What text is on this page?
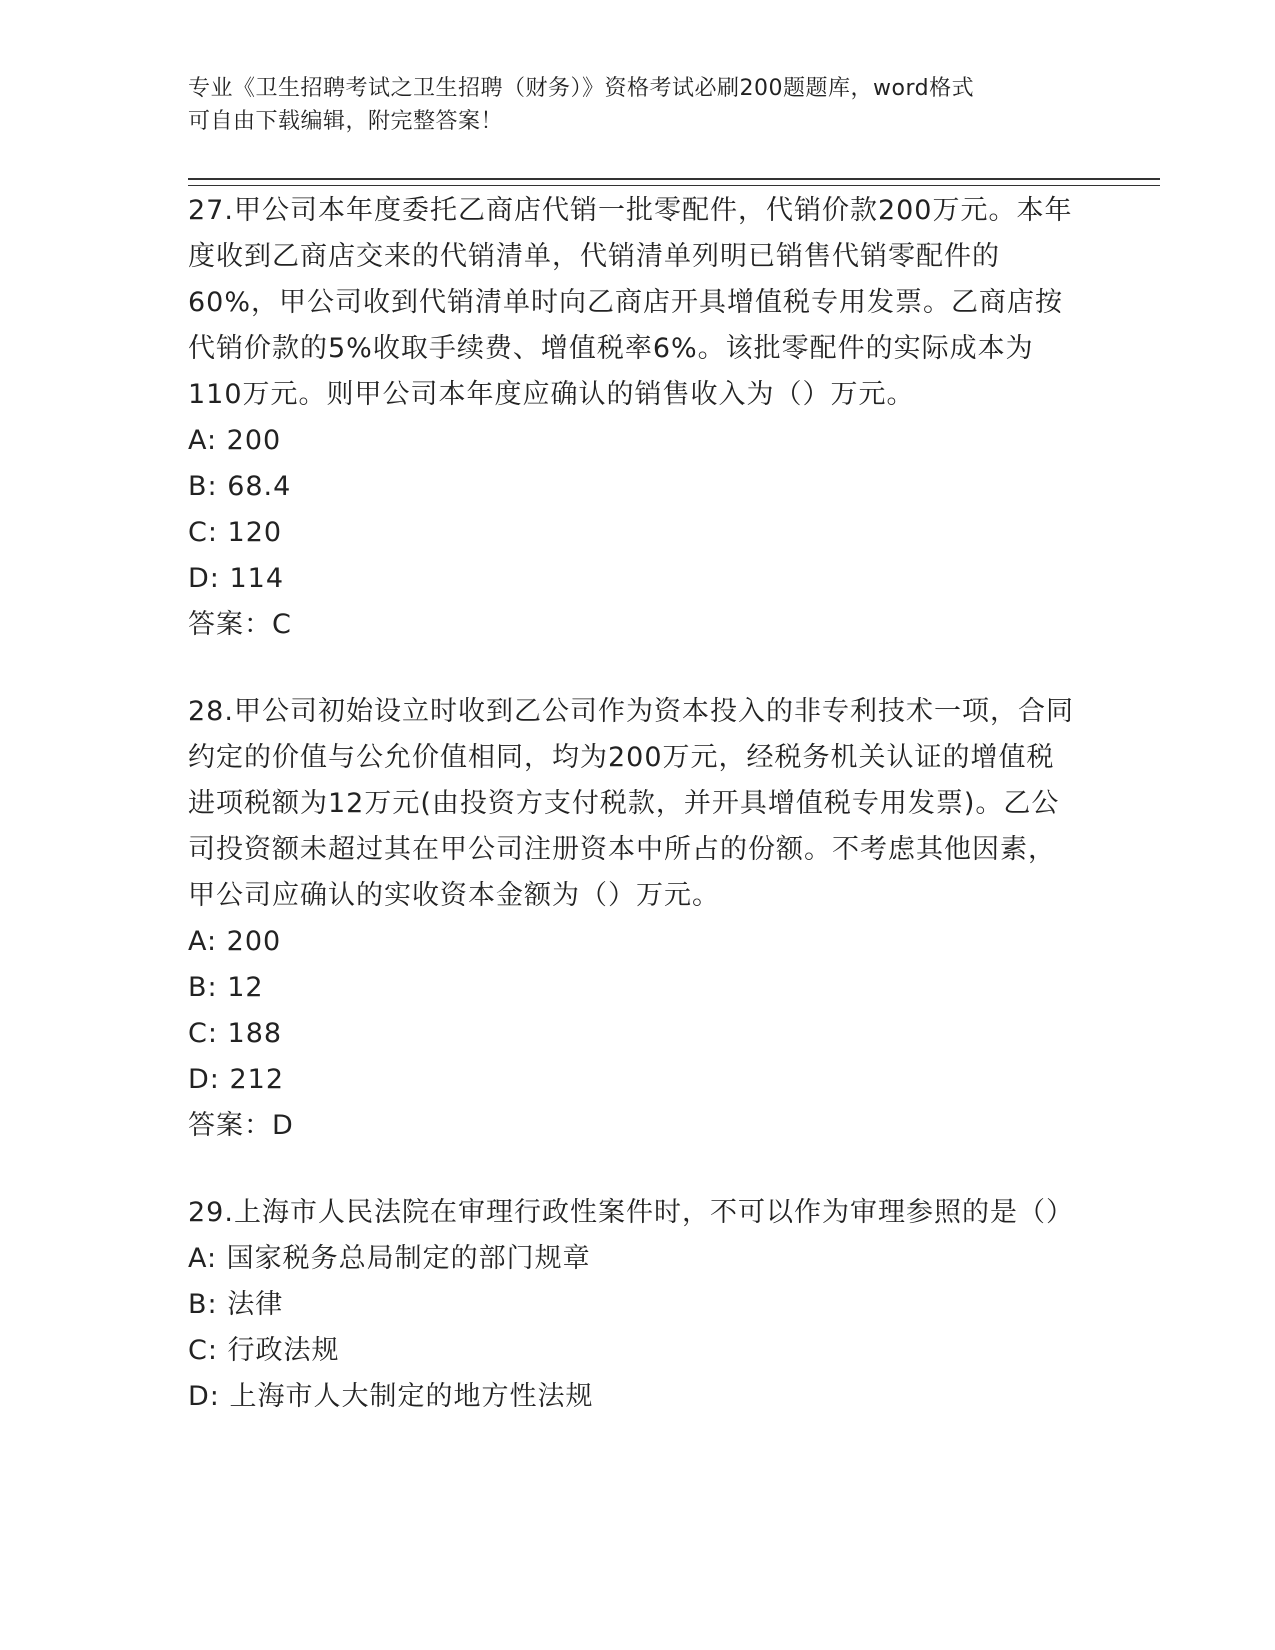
专业《卫生招聘考试之卫生招聘（财务）》资格考试必刷200题题库，word格式
可自由下载编辑，附完整答案！
27.甲公司本年度委托乙商店代销一批零配件，代销价款200万元。本年度收到乙商店交来的代销清单，代销清单列明已销售代销零配件的60%，甲公司收到代销清单时向乙商店开具增值税专用发票。乙商店按代销价款的5%收取手续费、增值税率6%。该批零配件的实际成本为110万元。则甲公司本年度应确认的销售收入为（）万元。
A: 200
B: 68.4
C: 120
D: 114
答案：C
28.甲公司初始设立时收到乙公司作为资本投入的非专利技术一项，合同约定的价值与公允价值相同，均为200万元，经税务机关认证的增值税进项税额为12万元(由投资方支付税款，并开具增值税专用发票)。乙公司投资额未超过其在甲公司注册资本中所占的份额。不考虑其他因素，甲公司应确认的实收资本金额为（）万元。
A: 200
B: 12
C: 188
D: 212
答案：D
29.上海市人民法院在审理行政性案件时，不可以作为审理参照的是（）
A: 国家税务总局制定的部门规章
B: 法律
C: 行政法规
D: 上海市人大制定的地方性法规
